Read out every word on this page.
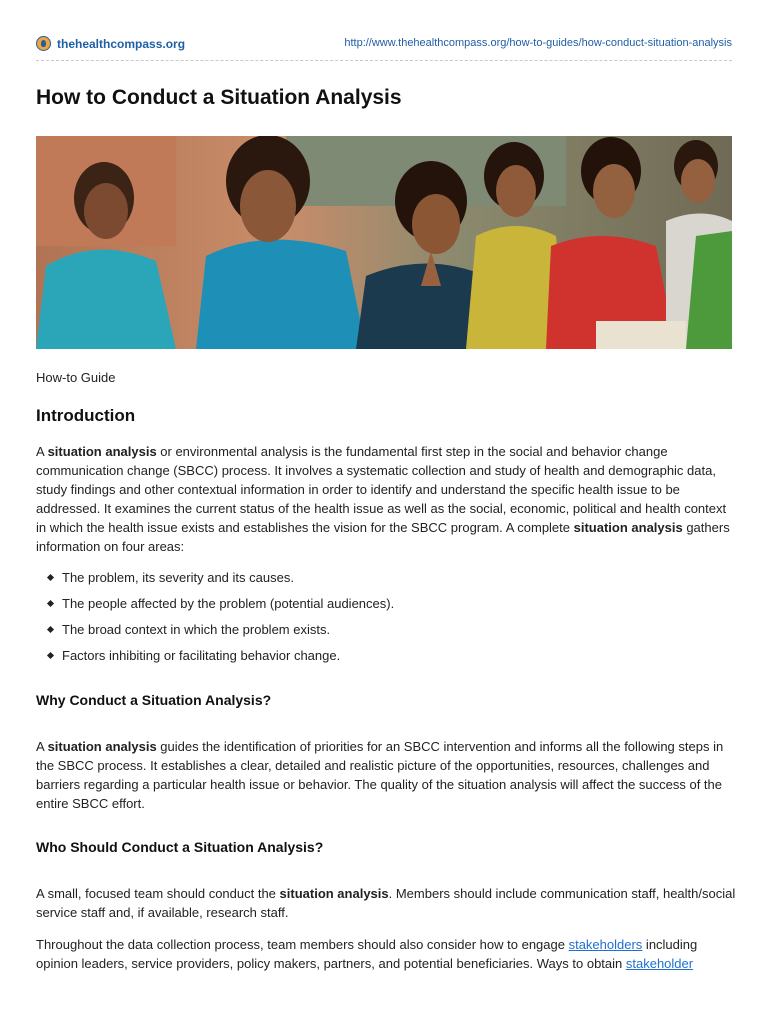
thehealthcompass.org	http://www.thehealthcompass.org/how-to-guides/how-conduct-situation-analysis
How to Conduct a Situation Analysis
How-to Guide
Introduction

A situation analysis or environmental analysis is the fundamental first step in the social and behavior change communication change (SBCC) process. It involves a systematic collection and study of health and demographic data, study findings and other contextual information in order to identify and understand the specific health issue to be addressed. It examines the current status of the health issue as well as the social, economic, political and health context in which the health issue exists and establishes the vision for the SBCC program. A complete situation analysis gathers information on four areas:

The problem, its severity and its causes.
The people affected by the problem (potential audiences).
The broad context in which the problem exists.
Factors inhibiting or facilitating behavior change.
Why Conduct a Situation Analysis?

A situation analysis guides the identification of priorities for an SBCC intervention and informs all the following steps in the SBCC process. It establishes a clear, detailed and realistic picture of the opportunities, resources, challenges and barriers regarding a particular health issue or behavior. The quality of the situation analysis will affect the success of the entire SBCC effort.

Who Should Conduct a Situation Analysis?

A small, focused team should conduct the situation analysis. Members should include communication staff, health/social service staff and, if available, research staff.

Throughout the data collection process, team members should also consider how to engage stakeholders including opinion leaders, service providers, policy makers, partners, and potential beneficiaries. Ways to obtain stakeholder
